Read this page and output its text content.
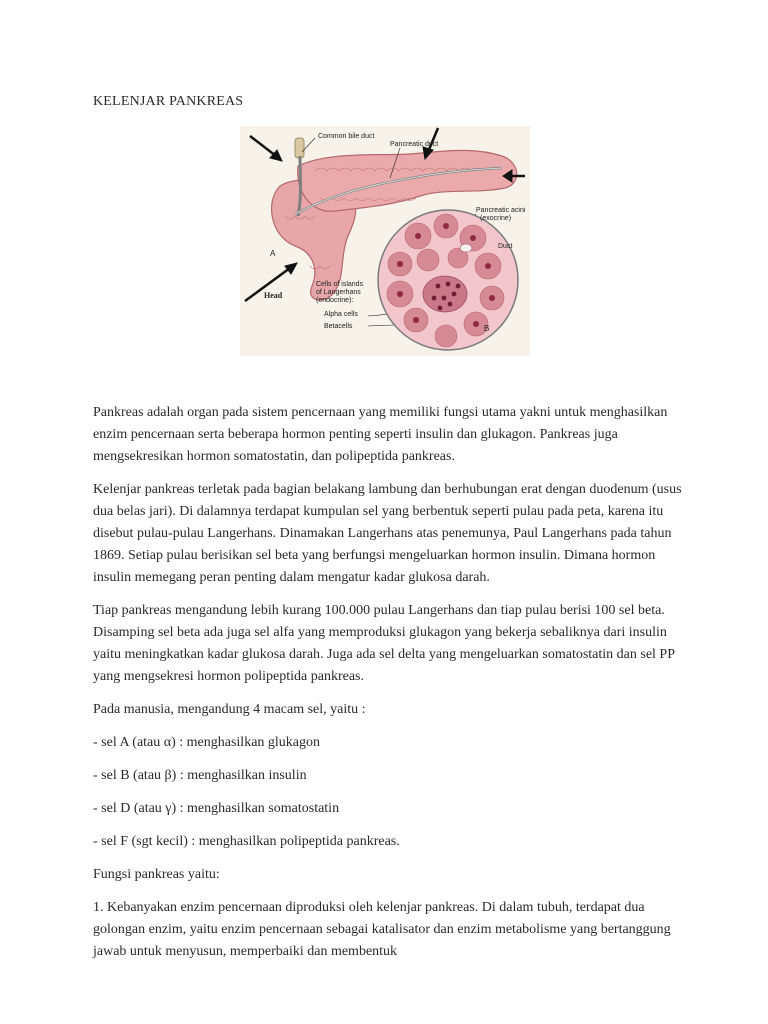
KELENJAR PANKREAS
Common bile duct
Pancreatic duct
Pancreatic acini
(exocrine)
Duct
A
Head
Cells of islands
of Langerhans
(endocrine):
Alpha cells
Betacells	B

Pankreas adalah organ pada sistem pencernaan yang memiliki fungsi utama yakni untuk menghasilkan enzim pencernaan serta beberapa hormon penting seperti insulin dan glukagon. Pankreas juga mengsekresikan hormon somatostatin, dan polipeptida pankreas.

Kelenjar pankreas terletak pada bagian belakang lambung dan berhubungan erat dengan duodenum (usus dua belas jari). Di dalamnya terdapat kumpulan sel yang berbentuk seperti pulau pada peta, karena itu disebut pulau-pulau Langerhans. Dinamakan Langerhans atas penemunya, Paul Langerhans pada tahun 1869. Setiap pulau berisikan sel beta yang berfungsi mengeluarkan hormon insulin. Dimana hormon insulin memegang peran penting dalam mengatur kadar glukosa darah.

Tiap pankreas mengandung lebih kurang 100.000 pulau Langerhans dan tiap pulau berisi 100 sel beta. Disamping sel beta ada juga sel alfa yang memproduksi glukagon yang bekerja sebaliknya dari insulin yaitu meningkatkan kadar glukosa darah. Juga ada sel delta yang mengeluarkan somatostatin dan sel PP yang mengsekresi hormon polipeptida pankreas.

Pada manusia, mengandung 4 macam sel, yaitu :

- sel A (atau α) : menghasilkan glukagon

- sel B (atau β) : menghasilkan insulin

- sel D (atau γ) : menghasilkan somatostatin

- sel F (sgt kecil) : menghasilkan polipeptida pankreas.

Fungsi pankreas yaitu:

1. Kebanyakan enzim pencernaan diproduksi oleh kelenjar pankreas. Di dalam tubuh, terdapat dua golongan enzim, yaitu enzim pencernaan sebagai katalisator dan enzim metabolisme yang bertanggung jawab untuk menyusun, memperbaiki dan membentuk
